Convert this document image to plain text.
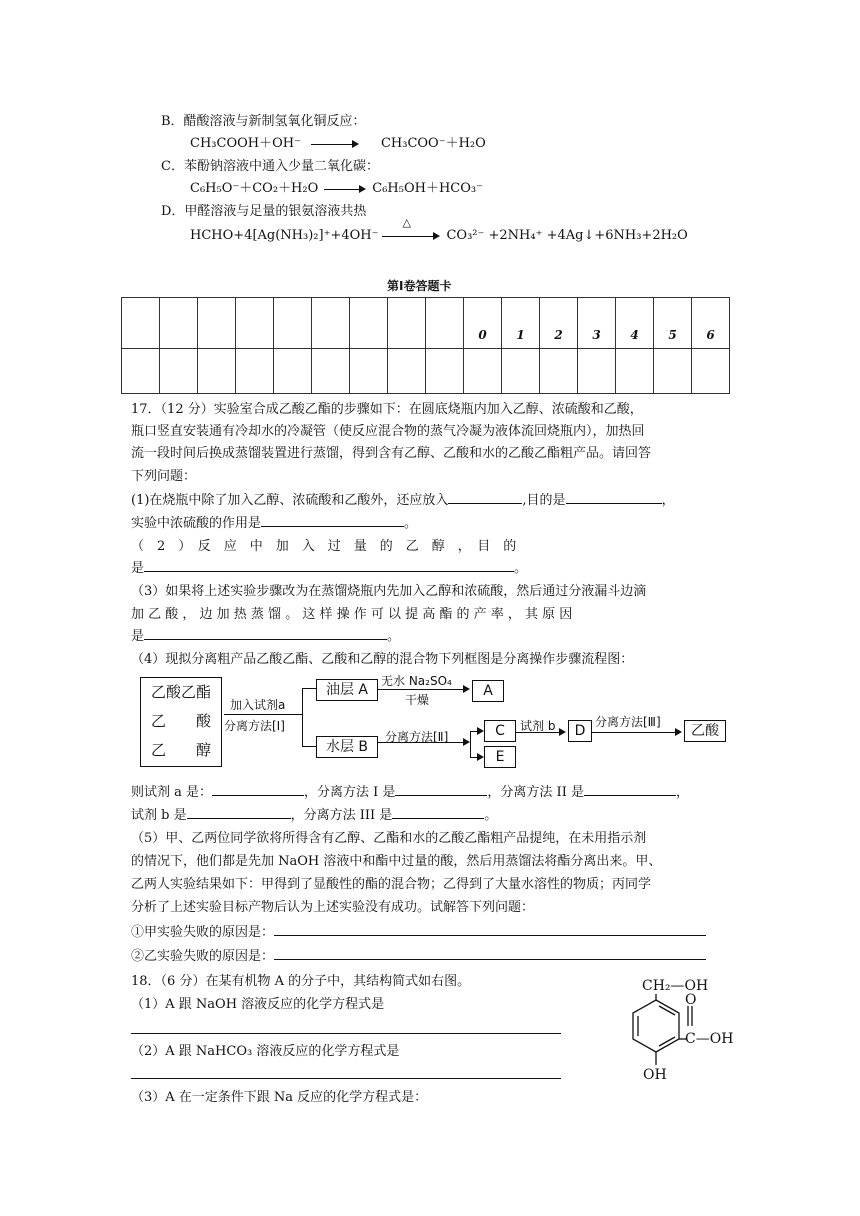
B．醋酸溶液与新制氢氧化铜反应：
CH₃COOH＋OH⁻	CH₃COO⁻＋H₂O
C．苯酚钠溶液中通入少量二氧化碳：
C₆H₅O⁻＋CO₂＋H₂O	C₆H₅OH＋HCO₃⁻
D．甲醛溶液与足量的银氨溶液共热
HCHO+4[Ag(NH₃)₂]⁺+4OH⁻
△
CO₃²⁻ +2NH₄⁺ +4Ag↓+6NH₃+2H₂O
第Ⅰ卷答题卡
									0	1	2	3	4	5	6

17．（12 分）实验室合成乙酸乙酯的步骤如下：在圆底烧瓶内加入乙醇、浓硫酸和乙酸，
瓶口竖直安装通有冷却水的冷凝管（使反应混合物的蒸气冷凝为液体流回烧瓶内），加热回
流一段时间后换成蒸馏装置进行蒸馏，得到含有乙醇、乙酸和水的乙酸乙酯粗产品。请回答
下列问题：
(1)在烧瓶中除了加入乙醇、浓硫酸和乙酸外，还应放入	,目的是	，
实验中浓硫酸的作用是	。
（　2　）　反　应　中　加　入　过　量　的　乙　醇　，　目　的
是	。
（3）如果将上述实验步骤改为在蒸馏烧瓶内先加入乙醇和浓硫酸，然后通过分液漏斗边滴
加 乙 酸 ， 边 加 热 蒸 馏 。 这 样 操 作 可 以 提 高 酯 的 产 率 ， 其 原 因
是	。
（4）现拟分离粗产品乙酸乙酯、乙酸和乙醇的混合物下列框图是分离操作步骤流程图：
乙酸乙酯
乙　　酸
乙　　醇
加入试剂a
分离方法[Ⅰ]
油层 A
水层 B
无水 Na₂SO₄
干燥
A
分离方法[Ⅱ]	C
E
试剂 b	D
分离方法[Ⅲ]
乙酸
则试剂 a 是：	，分离方法 I 是	，分离方法 II 是	，
试剂 b 是	，分离方法 III 是	。
（5）甲、乙两位同学欲将所得含有乙醇、乙酯和水的乙酸乙酯粗产品提纯，在未用指示剂
的情况下，他们都是先加 NaOH 溶液中和酯中过量的酸，然后用蒸馏法将酯分离出来。甲、
乙两人实验结果如下：甲得到了显酸性的酯的混合物；乙得到了大量水溶性的物质；丙同学
分析了上述实验目标产物后认为上述实验没有成功。试解答下列问题：
①甲实验失败的原因是：
②乙实验失败的原因是：
18．（6 分）在某有机物 A 的分子中，其结构简式如右图。
（1）A 跟 NaOH 溶液反应的化学方程式是
（2）A 跟 NaHCO₃ 溶液反应的化学方程式是
（3）A 在一定条件下跟 Na 反应的化学方程式是：
CH₂—OH
O
C—OH
OH
